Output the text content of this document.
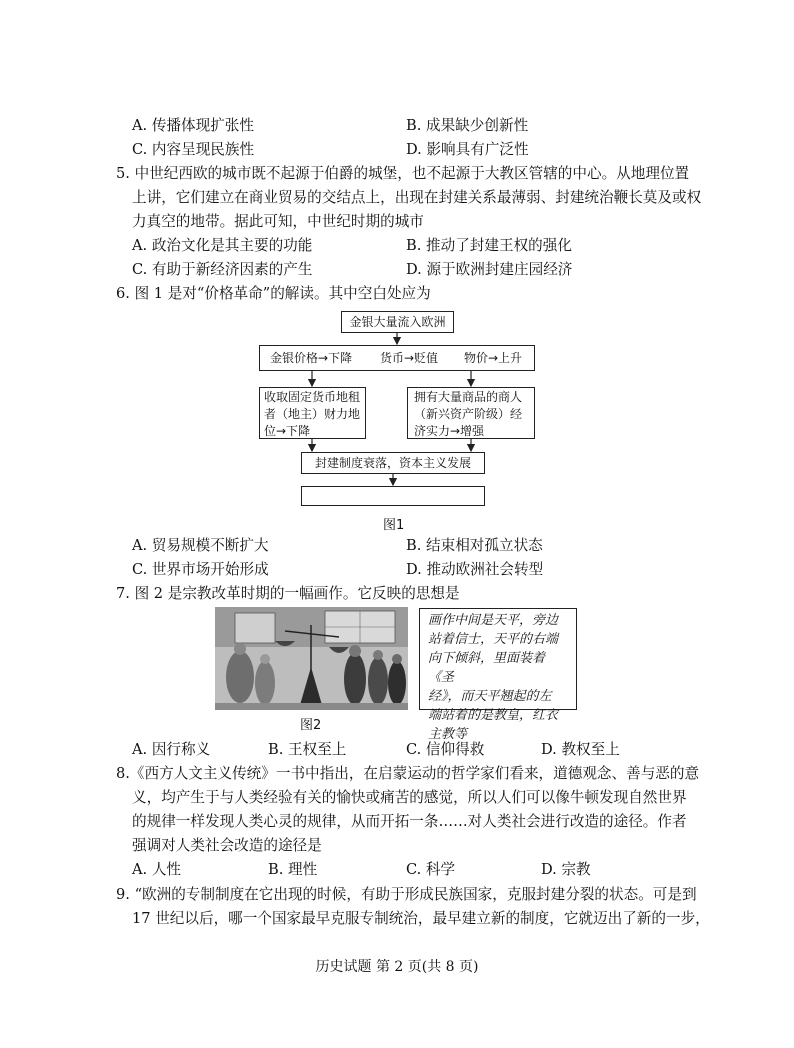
A. 传播体现扩张性	B. 成果缺少创新性
C. 内容呈现民族性	D. 影响具有广泛性
5. 中世纪西欧的城市既不起源于伯爵的城堡，也不起源于大教区管辖的中心。从地理位置
上讲，它们建立在商业贸易的交结点上，出现在封建关系最薄弱、封建统治鞭长莫及或权
力真空的地带。据此可知，中世纪时期的城市
A. 政治文化是其主要的功能	B. 推动了封建王权的强化
C. 有助于新经济因素的产生	D. 源于欧洲封建庄园经济
6. 图 1 是对“价格革命”的解读。其中空白处应为
金银大量流入欧洲
金银价格→下降 货币→贬值 物价→上升
收取固定货币地租
者（地主）财力地
位→下降
拥有大量商品的商人
（新兴资产阶级）经
济实力→增强
封建制度衰落，资本主义发展
图1
A. 贸易规模不断扩大	B. 结束相对孤立状态
C. 世界市场开始形成	D. 推动欧洲社会转型
7. 图 2 是宗教改革时期的一幅画作。它反映的思想是
画作中间是天平，旁边
站着信士，天平的右端
向下倾斜，里面装着《圣
经》，而天平翘起的左
端站着的是教皇，红衣
主教等
图2
A. 因行称义	B. 王权至上	C. 信仰得救	D. 教权至上
8.《西方人文主义传统》一书中指出，在启蒙运动的哲学家们看来，道德观念、善与恶的意
义，均产生于与人类经验有关的愉快或痛苦的感觉，所以人们可以像牛顿发现自然世界
的规律一样发现人类心灵的规律，从而开拓一条……对人类社会进行改造的途径。作者
强调对人类社会改造的途径是
A. 人性	B. 理性	C. 科学	D. 宗教
9. “欧洲的专制制度在它出现的时候，有助于形成民族国家，克服封建分裂的状态。可是到
17 世纪以后，哪一个国家最早克服专制统治，最早建立新的制度，它就迈出了新的一步，
历史试题 第 2 页(共 8 页)
